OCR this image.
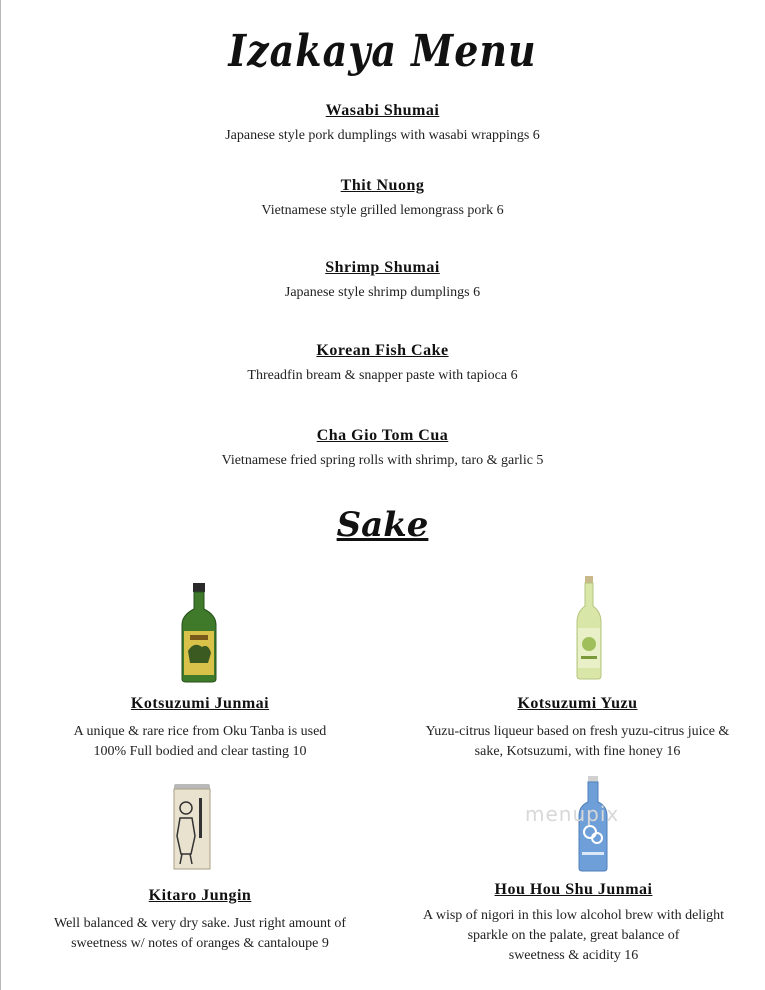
Izakaya Menu
Wasabi Shumai
Japanese style pork dumplings with wasabi wrappings 6
Thit Nuong
Vietnamese style grilled lemongrass pork 6
Shrimp Shumai
Japanese style shrimp dumplings 6
Korean Fish Cake
Threadfin bream & snapper paste with tapioca 6
Cha Gio Tom Cua
Vietnamese fried spring rolls with shrimp, taro & garlic 5
Sake
Kotsuzumi Junmai
A unique & rare rice from Oku Tanba is used
100% Full bodied and clear tasting 10
Kotsuzumi Yuzu
Yuzu-citrus liqueur based on fresh yuzu-citrus juice &
sake, Kotsuzumi, with fine honey 16
Kitaro Jungin
Well balanced & very dry sake. Just right amount of
sweetness w/ notes of oranges & cantaloupe 9
Hou Hou Shu Junmai
A wisp of nigori in this low alcohol brew with delight
sparkle on the palate, great balance of
sweetness & acidity 16
menupix
